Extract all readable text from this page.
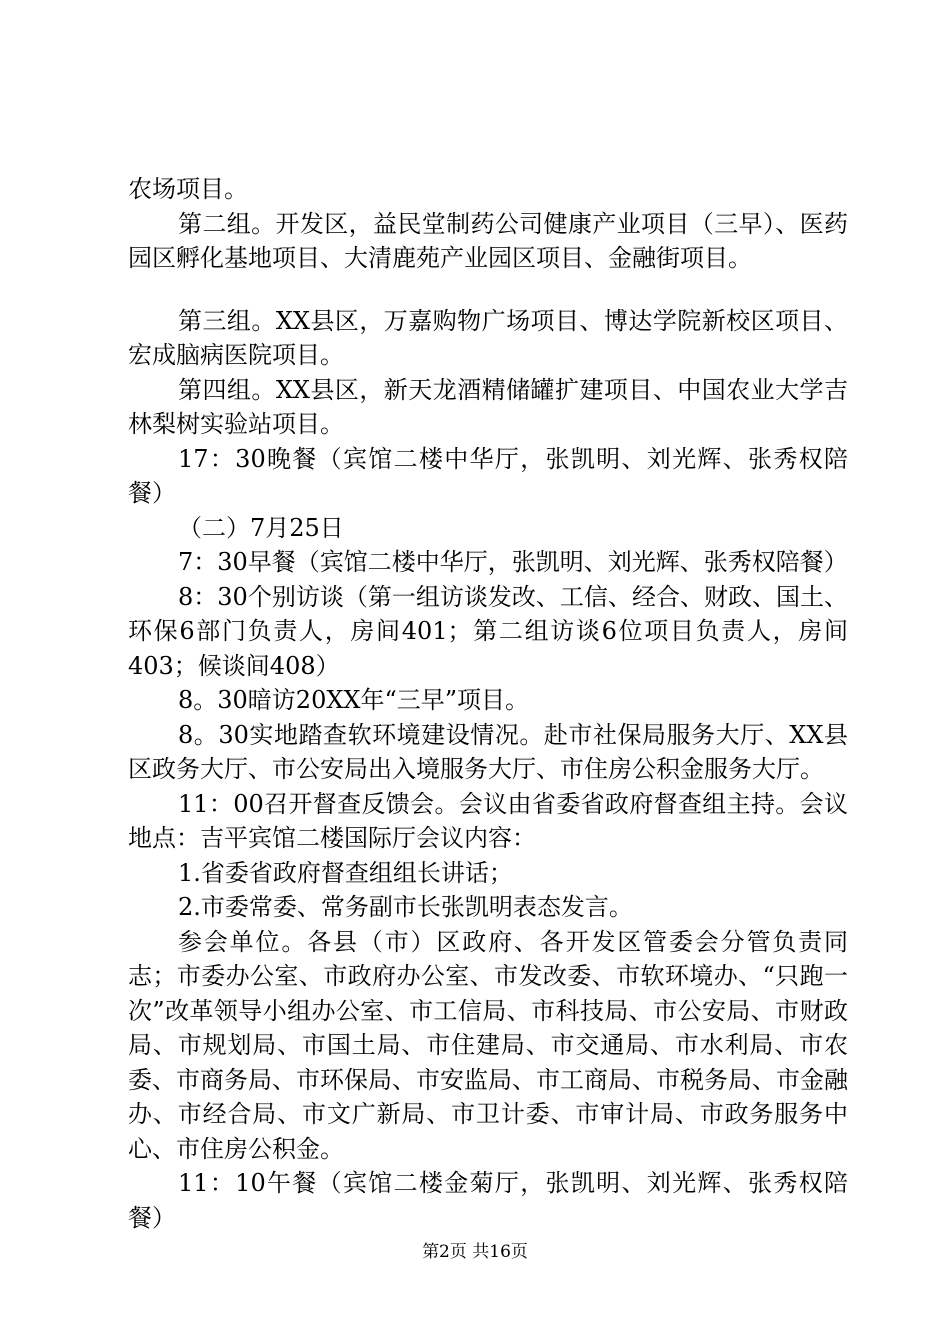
农场项目。

第二组。开发区，益民堂制药公司健康产业项目（三早）、医药园区孵化基地项目、大清鹿苑产业园区项目、金融街项目。

第三组。XX县区，万嘉购物广场项目、博达学院新校区项目、宏成脑病医院项目。

第四组。XX县区，新天龙酒精储罐扩建项目、中国农业大学吉林梨树实验站项目。

17：30晚餐（宾馆二楼中华厅，张凯明、刘光辉、张秀权陪餐）

（二）7月25日

7：30早餐（宾馆二楼中华厅，张凯明、刘光辉、张秀权陪餐）

8：30个别访谈（第一组访谈发改、工信、经合、财政、国土、环保6部门负责人，房间401；第二组访谈6位项目负责人，房间403；候谈间408）

8。30暗访20XX年“三早”项目。

8。30实地踏查软环境建设情况。赴市社保局服务大厅、XX县区政务大厅、市公安局出入境服务大厅、市住房公积金服务大厅。

11：00召开督查反馈会。会议由省委省政府督查组主持。会议地点：吉平宾馆二楼国际厅会议内容：

1.省委省政府督查组组长讲话；

2.市委常委、常务副市长张凯明表态发言。

参会单位。各县（市）区政府、各开发区管委会分管负责同志；市委办公室、市政府办公室、市发改委、市软环境办、“只跑一次”改革领导小组办公室、市工信局、市科技局、市公安局、市财政局、市规划局、市国土局、市住建局、市交通局、市水利局、市农委、市商务局、市环保局、市安监局、市工商局、市税务局、市金融办、市经合局、市文广新局、市卫计委、市审计局、市政务服务中心、市住房公积金。

11：10午餐（宾馆二楼金菊厅，张凯明、刘光辉、张秀权陪餐）

第2页 共16页
